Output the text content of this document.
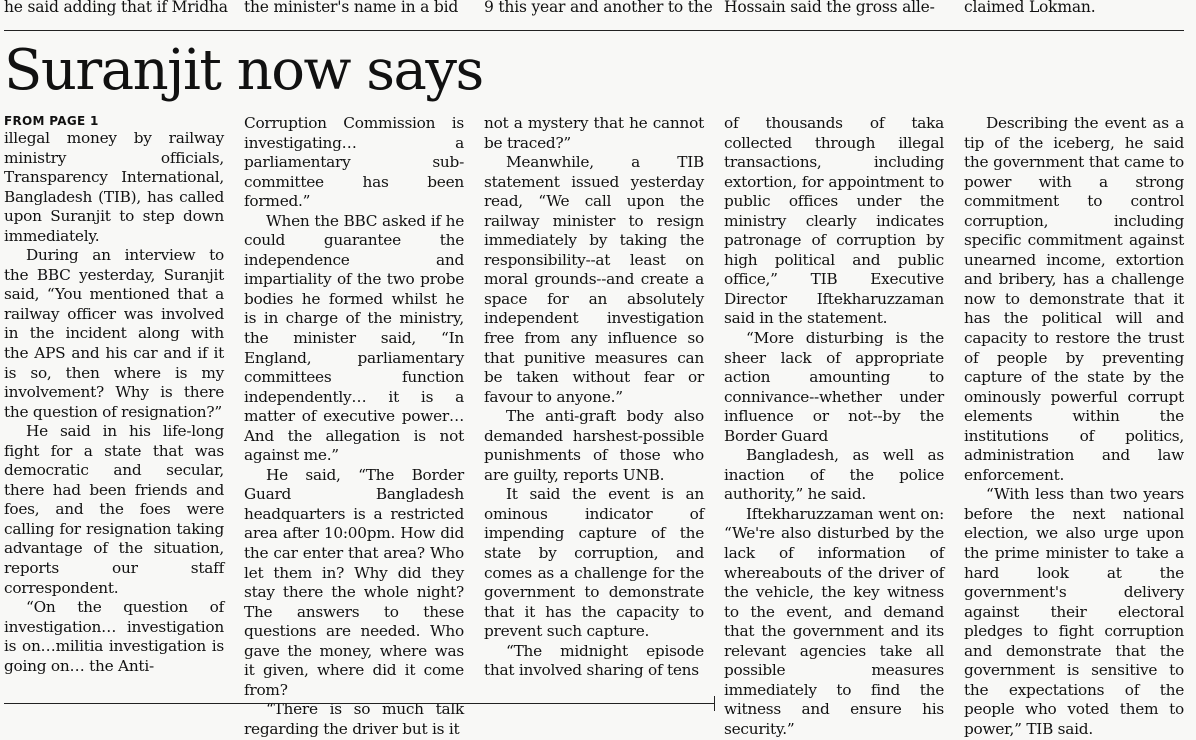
he said adding that if Mridha	the minister's name in a bid	9 this year and another to the Hossain said the gross alle-	claimed Lokman.
Suranjit now says
FROM PAGE 1

illegal money by railway ministry officials, Transparency International, Bangladesh (TIB), has called upon Suranjit to step down immediately.

During an interview to the BBC yesterday, Suranjit said, “You mentioned that a railway officer was involved in the incident along with the APS and his car and if it is so, then where is my involvement? Why is there the question of resignation?”

He said in his life-long fight for a state that was democratic and secular, there had been friends and foes, and the foes were calling for resignation taking advantage of the situation, reports our staff correspondent.

“On the question of investigation… investigation is on…militia investigation is going on… the Anti-

Corruption Commission is investigating… a parliamentary sub-committee has been formed.”

When the BBC asked if he could guarantee the independence and impartiality of the two probe bodies he formed whilst he is in charge of the ministry, the minister said, “In England, parliamentary committees function independently… it is a matter of executive power… And the allegation is not against me.”

He said, “The Border Guard Bangladesh headquarters is a restricted area after 10:00pm. How did the car enter that area? Who let them in? Why did they stay there the whole night? The answers to these questions are needed. Who gave the money, where was it given, where did it come from?

“There is so much talk regarding the driver but is it

not a mystery that he cannot be traced?”

Meanwhile, a TIB statement issued yesterday read, “We call upon the railway minister to resign immediately by taking the responsibility--at least on moral grounds--and create a space for an absolutely independent investigation free from any influence so that punitive measures can be taken without fear or favour to anyone.”

The anti-graft body also demanded harshest-possible punishments of those who are guilty, reports UNB.

It said the event is an ominous indicator of impending capture of the state by corruption, and comes as a challenge for the government to demonstrate that it has the capacity to prevent such capture.

“The midnight episode that involved sharing of tens

of thousands of taka collected through illegal transactions, including extortion, for appointment to public offices under the ministry clearly indicates patronage of corruption by high political and public office,” TIB Executive Director Iftekharuzzaman said in the statement.

“More disturbing is the sheer lack of appropriate action amounting to connivance--whether under influence or not--by the Border Guard

Bangladesh, as well as inaction of the police authority,” he said.

Iftekharuzzaman went on: “We're also disturbed by the lack of information of whereabouts of the driver of the vehicle, the key witness to the event, and demand that the government and its relevant agencies take all possible measures immediately to find the witness and ensure his security.”

Describing the event as a tip of the iceberg, he said the government that came to power with a strong commitment to control corruption, including specific commitment against unearned income, extortion and bribery, has a challenge now to demonstrate that it has the political will and capacity to restore the trust of people by preventing capture of the state by the ominously powerful corrupt elements within the institutions of politics, administration and law enforcement.

“With less than two years before the next national election, we also urge upon the prime minister to take a hard look at the government's delivery against their electoral pledges to fight corruption and demonstrate that the government is sensitive to the expectations of the people who voted them to power,” TIB said.
